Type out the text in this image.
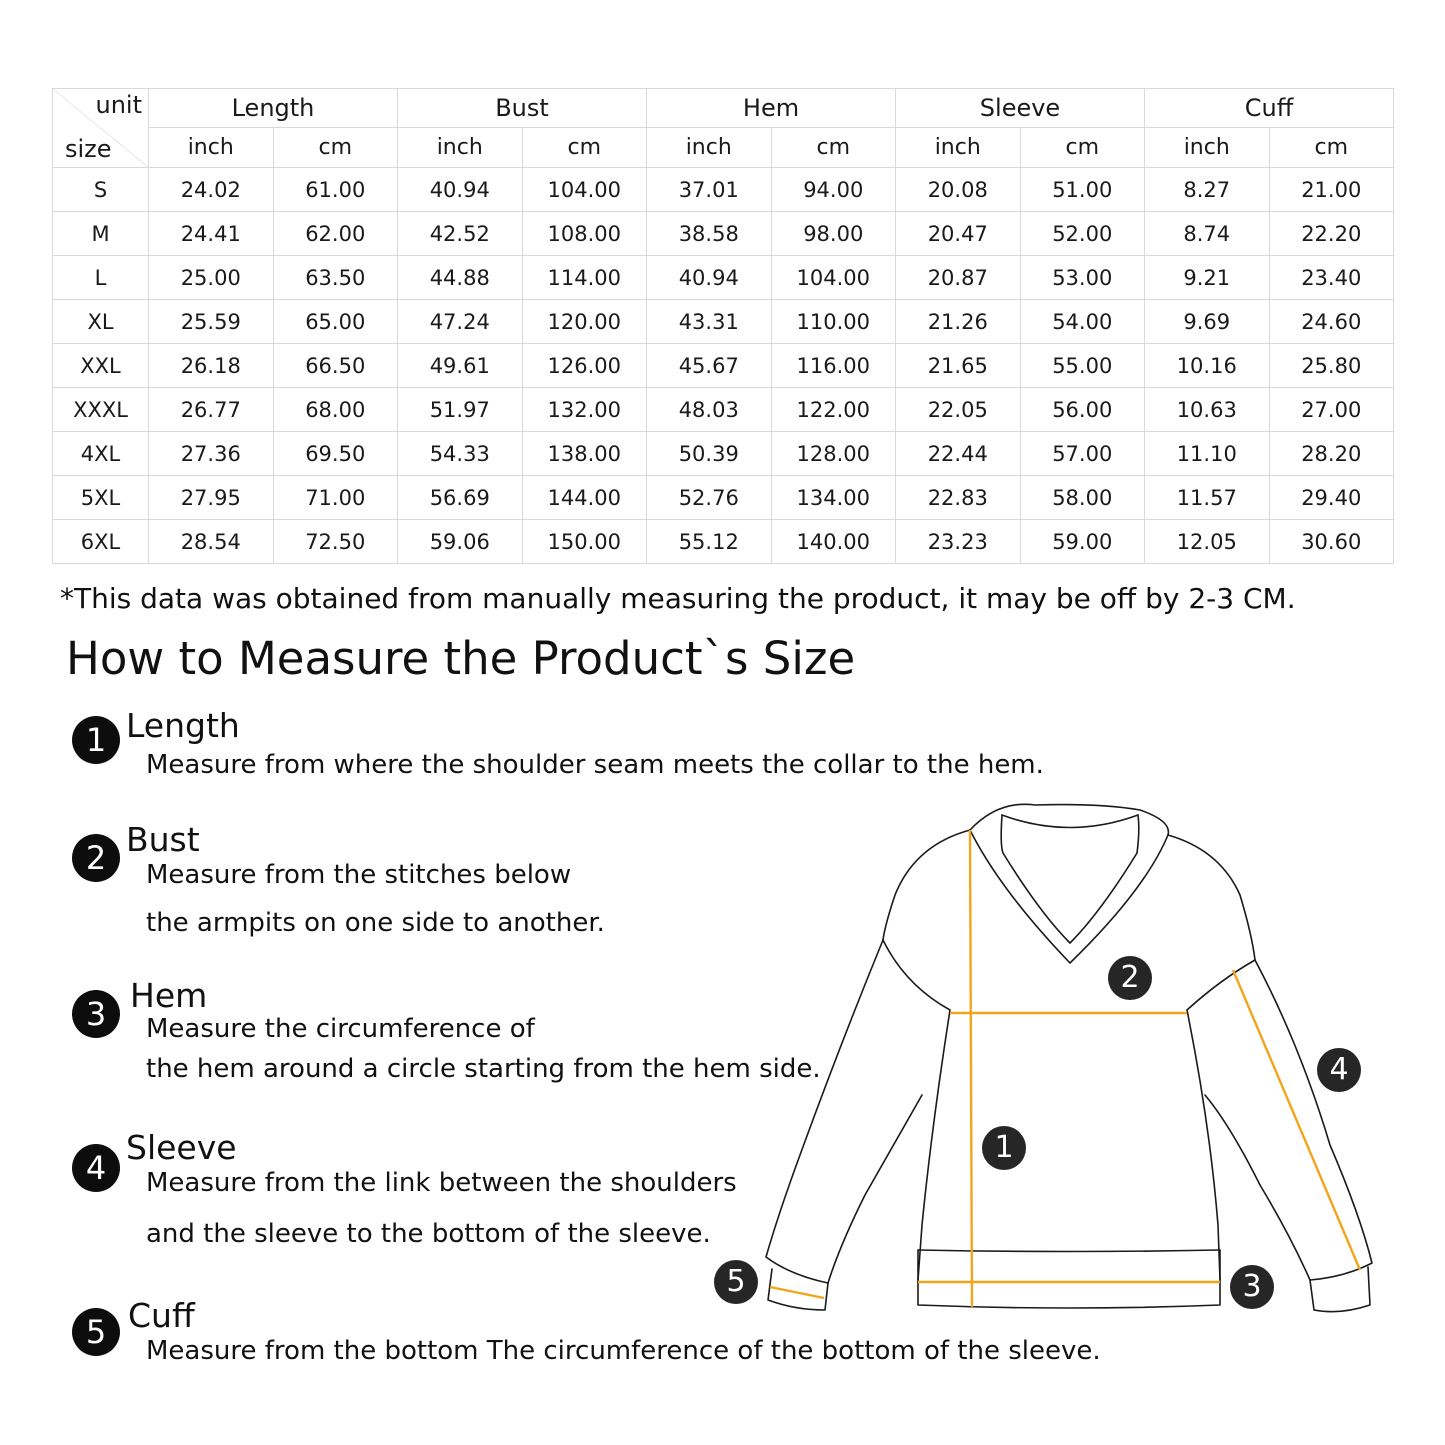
unit
size	Length		Bust		Hem		Sleeve		Cuff	
	inch	cm	inch	cm	inch	cm	inch	cm	inch	cm
S	24.02	61.00	40.94	104.00	37.01	94.00	20.08	51.00	8.27	21.00
M	24.41	62.00	42.52	108.00	38.58	98.00	20.47	52.00	8.74	22.20
L	25.00	63.50	44.88	114.00	40.94	104.00	20.87	53.00	9.21	23.40
XL	25.59	65.00	47.24	120.00	43.31	110.00	21.26	54.00	9.69	24.60
XXL	26.18	66.50	49.61	126.00	45.67	116.00	21.65	55.00	10.16	25.80
XXXL	26.77	68.00	51.97	132.00	48.03	122.00	22.05	56.00	10.63	27.00
4XL	27.36	69.50	54.33	138.00	50.39	128.00	22.44	57.00	11.10	28.20
5XL	27.95	71.00	56.69	144.00	52.76	134.00	22.83	58.00	11.57	29.40
6XL	28.54	72.50	59.06	150.00	55.12	140.00	23.23	59.00	12.05	30.60
*This data was obtained from manually measuring the product, it may be off by 2-3 CM.
How to Measure the Product`s Size
1 Length
Measure from where the shoulder seam meets the collar to the hem.
2 Bust
Measure from the stitches below
the armpits on one side to another.
3 Hem
Measure the circumference of
the hem around a circle starting from the hem side.
4
Sleeve
Measure from the link between the shoulders
and the sleeve to the bottom of the sleeve.
5 Cuff
Measure from the bottom The circumference of the bottom of the sleeve.
1
2
3
4
5
